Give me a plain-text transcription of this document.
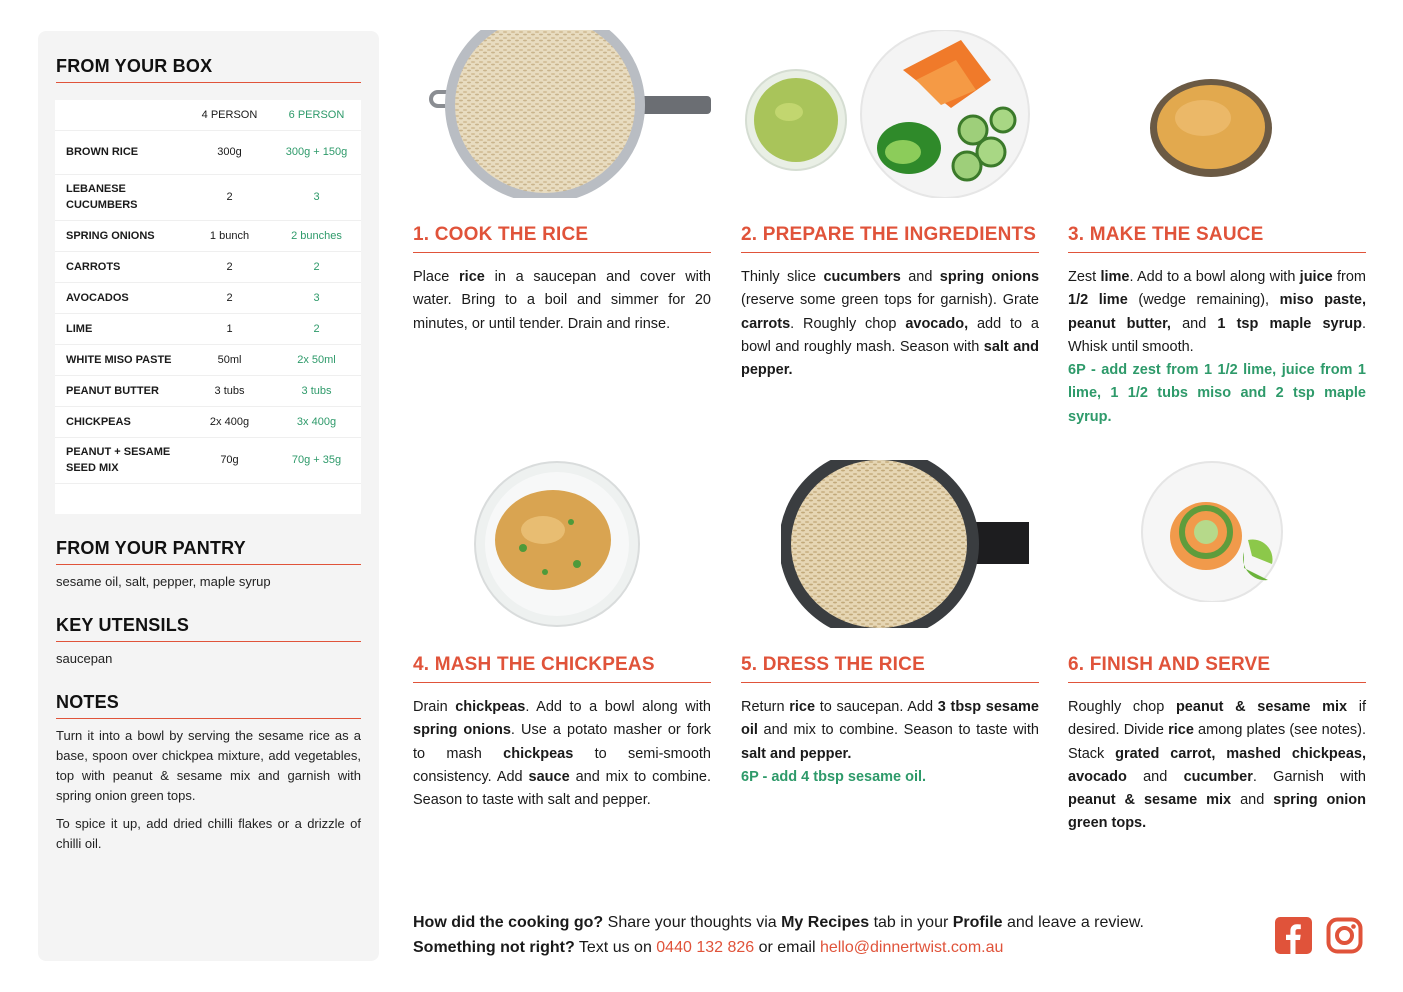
FROM YOUR BOX
	4 PERSON	6 PERSON
BROWN RICE	300g	300g + 150g
LEBANESE CUCUMBERS	2	3
SPRING ONIONS	1 bunch	2 bunches
CARROTS	2	2
AVOCADOS	2	3
LIME	1	2
WHITE MISO PASTE	50ml	2x 50ml
PEANUT BUTTER	3 tubs	3 tubs
CHICKPEAS	2x 400g	3x 400g
PEANUT + SESAME SEED MIX	70g	70g + 35g
FROM YOUR PANTRY
sesame oil, salt, pepper, maple syrup
KEY UTENSILS
saucepan
NOTES

Turn it into a bowl by serving the sesame rice as a base, spoon over chickpea mixture, add vegetables, top with peanut & sesame mix and garnish with spring onion green tops.

To spice it up, add dried chilli flakes or a drizzle of chilli oil.

1. COOK THE RICE
Place rice in a saucepan and cover with water. Bring to a boil and simmer for 20 minutes, or until tender. Drain and rinse.
2. PREPARE THE INGREDIENTS
Thinly slice cucumbers and spring onions (reserve some green tops for garnish). Grate carrots. Roughly chop avocado, add to a bowl and roughly mash. Season with salt and pepper.
3. MAKE THE SAUCE
Zest lime. Add to a bowl along with juice from 1/2 lime (wedge remaining), miso paste, peanut butter, and 1 tsp maple syrup. Whisk until smooth.
6P - add zest from 1 1/2 lime, juice from 1 lime, 1 1/2 tubs miso and 2 tsp maple syrup.
4. MASH THE CHICKPEAS
Drain chickpeas. Add to a bowl along with spring onions. Use a potato masher or fork to mash chickpeas to semi-smooth consistency. Add sauce and mix to combine. Season to taste with salt and pepper.
5. DRESS THE RICE
Return rice to saucepan. Add 3 tbsp sesame oil and mix to combine. Season to taste with salt and pepper.
6P - add 4 tbsp sesame oil.
6. FINISH AND SERVE
Roughly chop peanut & sesame mix if desired. Divide rice among plates (see notes). Stack grated carrot, mashed chickpeas, avocado and cucumber. Garnish with peanut & sesame mix and spring onion green tops.
How did the cooking go? Share your thoughts via My Recipes tab in your Profile and leave a review.
Something not right? Text us on 0440 132 826 or email hello@dinnertwist.com.au
